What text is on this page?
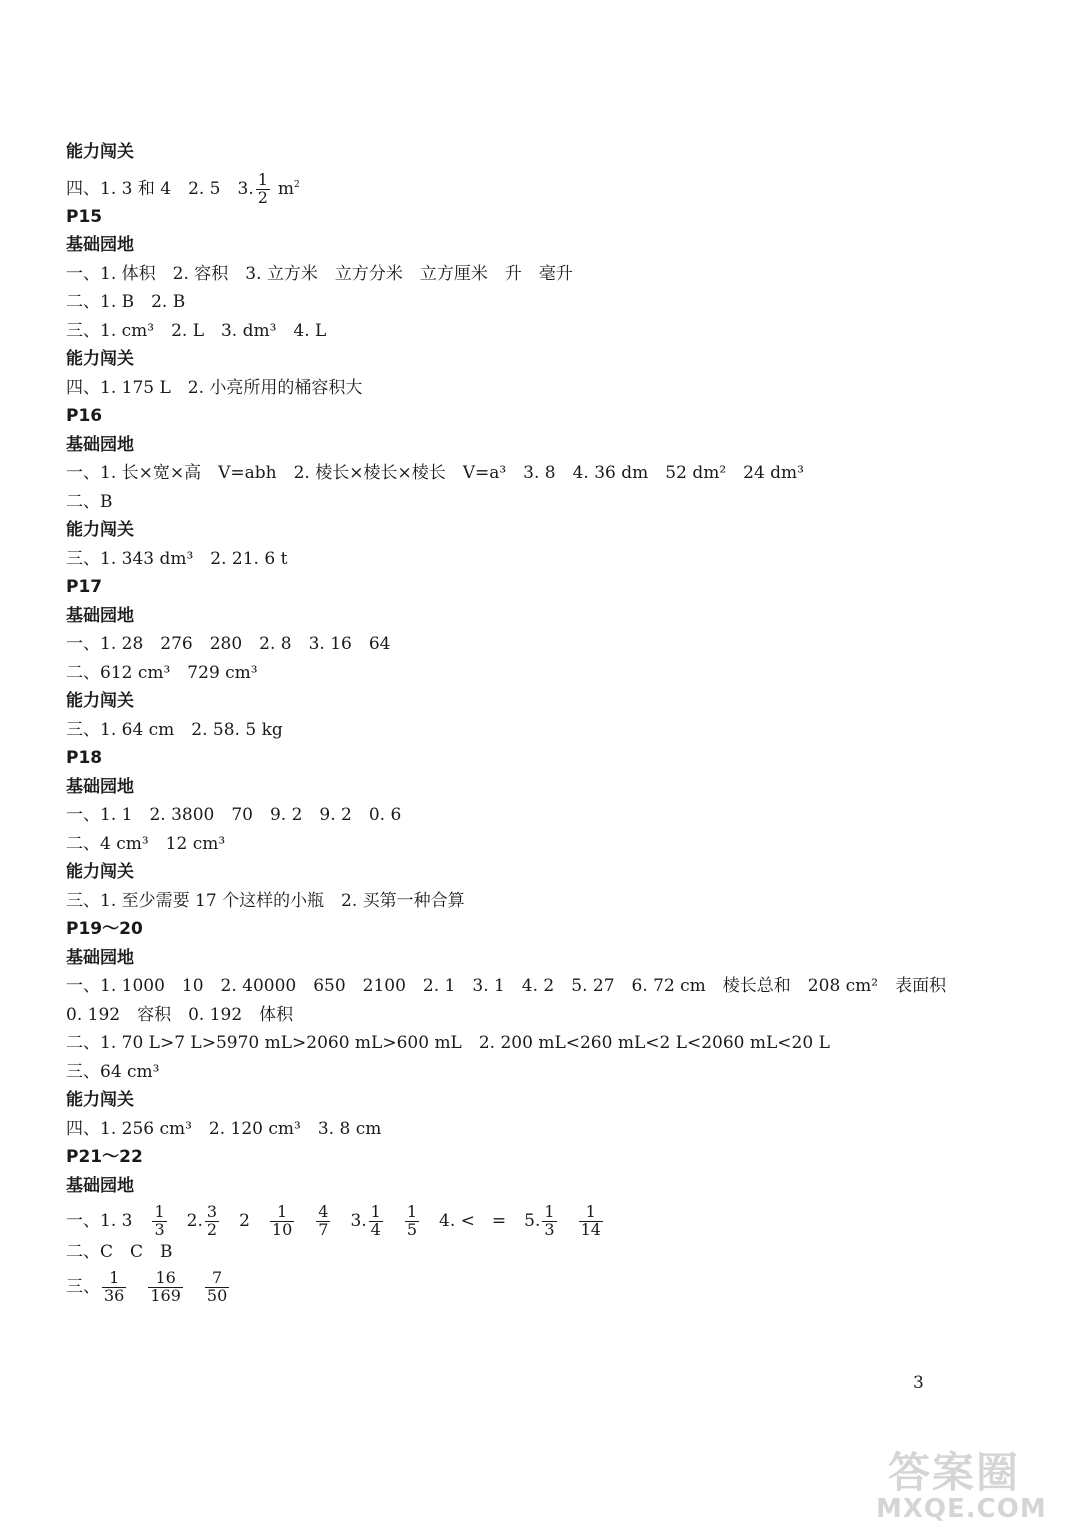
能力闯关
四、1. 3 和 4　2. 5　3. $\frac{1}{2} m^2$
P15
基础园地
一、1. 体积　2. 容积　3. 立方米　立方分米　立方厘米　升　毫升
二、1. B　2. B
三、1. cm³　2. L　3. dm³　4. L
能力闯关
四、1. 175 L　2. 小亮所用的桶容积大
P16
基础园地
一、1. 长×宽×高　V=abh　2. 棱长×棱长×棱长　V=a³　3. 8　4. 36 dm　52 dm²　24 dm³
二、B
能力闯关
三、1. 343 dm³　2. 21. 6 t
P17
基础园地
一、1. 28　276　280　2. 8　3. 16　64
二、612 cm³　729 cm³
能力闯关
三、1. 64 cm　2. 58. 5 kg
P18
基础园地
一、1. 1　2. 3800　70　9. 2　9. 2　0. 6
二、4 cm³　12 cm³
能力闯关
三、1. 至少需要 17 个这样的小瓶　2. 买第一种合算
P19～20
基础园地
一、1. 1000　10　2. 40000　650　2100　2. 1　3. 1　4. 2　5. 27　6. 72 cm　棱长总和　208 cm²　表面积
0. 192　容积　0. 192　体积
二、1. 70 L>7 L>5970 mL>2060 mL>600 mL　2. 200 mL<260 mL<2 L<2060 mL<20 L
三、64 cm³
能力闯关
四、1. 256 cm³　2. 120 cm³　3. 8 cm
P21～22
基础园地
一、1. $3 \frac{1}{3} 2$. $\frac{3}{2} 2 \frac{1}{10} \frac{4}{7} 3$. $\frac{1}{4} \frac{1}{5} 4$. <　= 5. $\frac{1}{3} \frac{1}{14}$
二、C　C　B
三、 $\frac{1}{36} \frac{16}{169} \frac{7}{50}$
3
答案圈
MXQE.COM
